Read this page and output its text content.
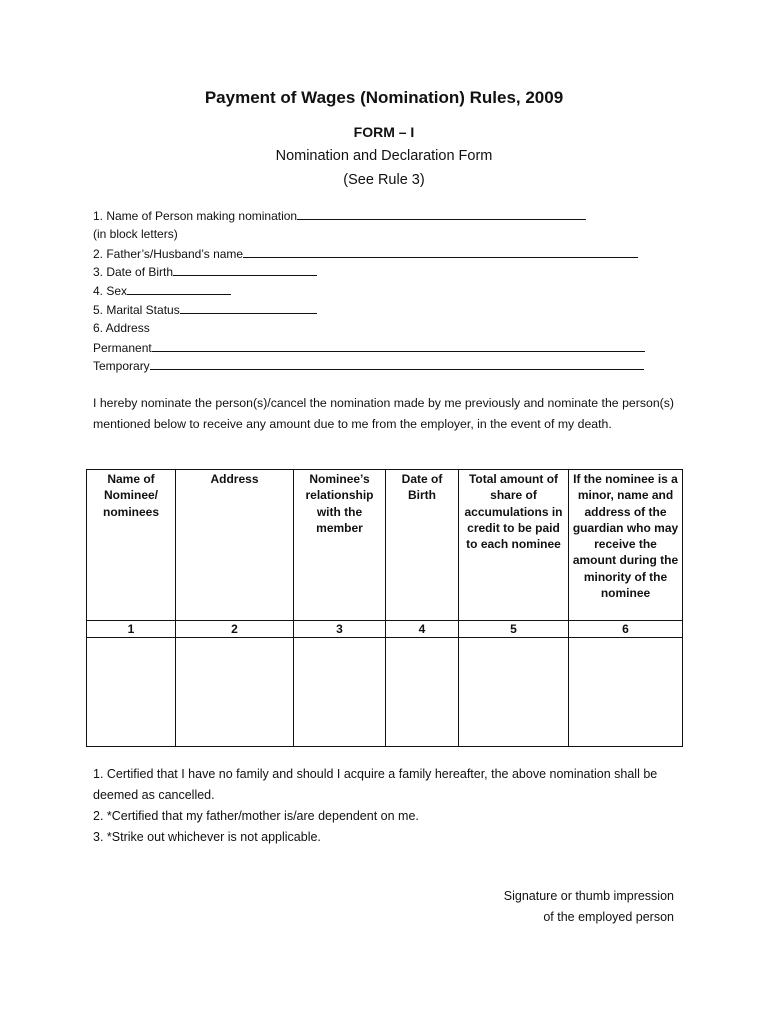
Payment of Wages (Nomination) Rules, 2009
FORM – I
Nomination and Declaration Form
(See Rule 3)
1. Name of Person making nomination
(in block letters)
2. Father’s/Husband’s name
3. Date of Birth
4. Sex
5. Marital Status
6. Address
Permanent
Temporary
I hereby nominate the person(s)/cancel the nomination made by me previously and nominate the person(s) mentioned below to receive any amount due to me from the employer, in the event of my death.
Name of Nominee/ nominees	Address	Nominee’s relationship with the member	Date of Birth	Total amount of share of accumulations in credit to be paid to each nominee	If the nominee is a minor, name and address of the guardian who may receive the amount during the minority of the nominee
1	2	3	4	5	6

1. Certified that I have no family and should I acquire a family hereafter, the above nomination shall be deemed as cancelled.
2. *Certified that my father/mother is/are dependent on me.
3. *Strike out whichever is not applicable.
Signature or thumb impression
of the employed person
